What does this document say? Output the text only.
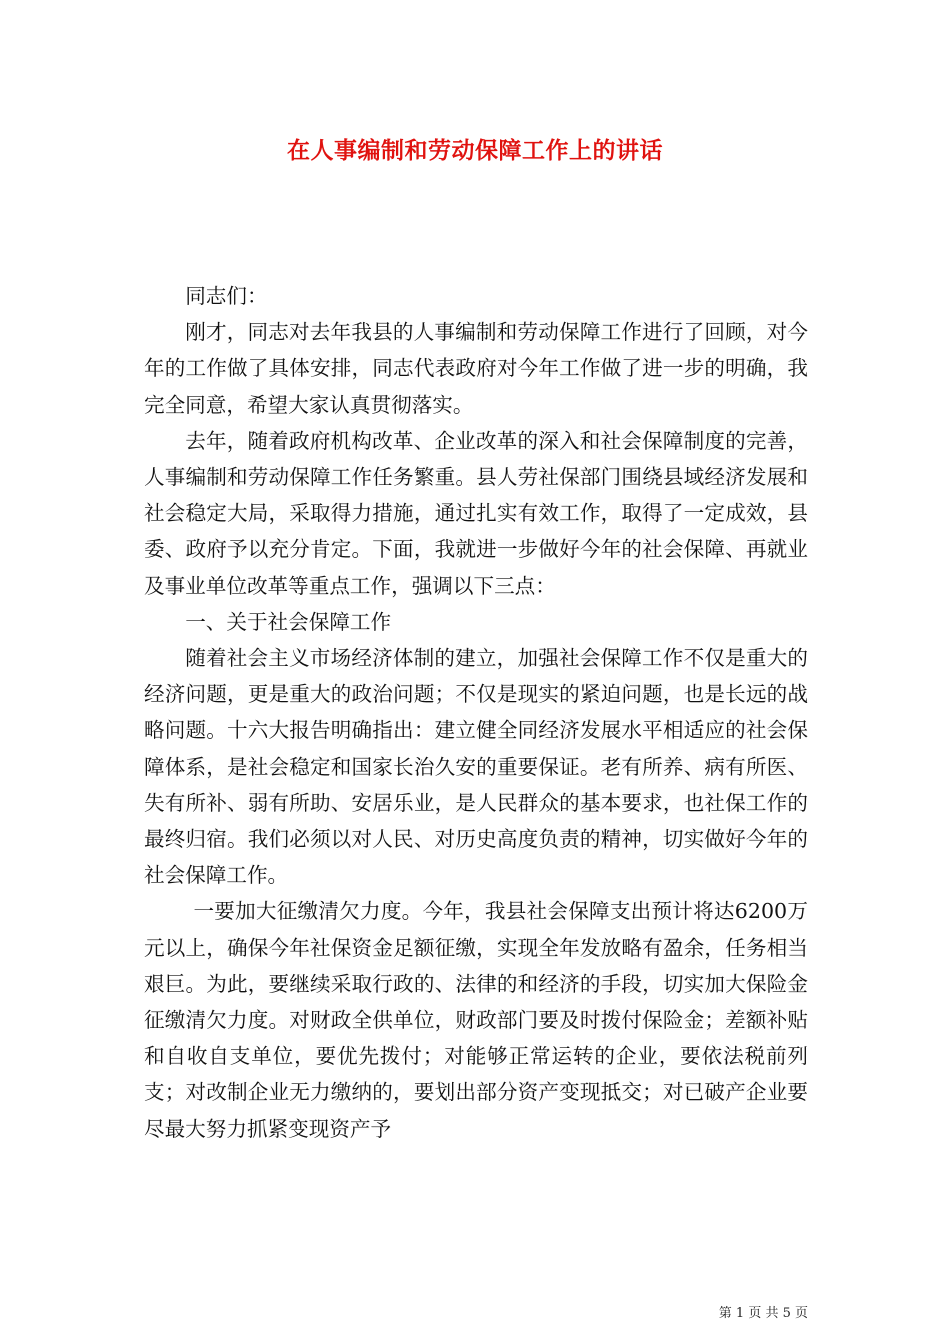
在人事编制和劳动保障工作上的讲话

同志们：

刚才，同志对去年我县的人事编制和劳动保障工作进行了回顾，对今年的工作做了具体安排，同志代表政府对今年工作做了进一步的明确，我完全同意，希望大家认真贯彻落实。

去年，随着政府机构改革、企业改革的深入和社会保障制度的完善，人事编制和劳动保障工作任务繁重。县人劳社保部门围绕县域经济发展和社会稳定大局，采取得力措施，通过扎实有效工作，取得了一定成效，县委、政府予以充分肯定。下面，我就进一步做好今年的社会保障、再就业及事业单位改革等重点工作，强调以下三点：

一、关于社会保障工作

随着社会主义市场经济体制的建立，加强社会保障工作不仅是重大的经济问题，更是重大的政治问题；不仅是现实的紧迫问题，也是长远的战略问题。十六大报告明确指出：建立健全同经济发展水平相适应的社会保障体系，是社会稳定和国家长治久安的重要保证。老有所养、病有所医、失有所补、弱有所助、安居乐业，是人民群众的基本要求，也社保工作的最终归宿。我们必须以对人民、对历史高度负责的精神，切实做好今年的社会保障工作。

一要加大征缴清欠力度。今年，我县社会保障支出预计将达6200万元以上，确保今年社保资金足额征缴，实现全年发放略有盈余，任务相当艰巨。为此，要继续采取行政的、法律的和经济的手段，切实加大保险金征缴清欠力度。对财政全供单位，财政部门要及时拨付保险金；差额补贴和自收自支单位，要优先拨付；对能够正常运转的企业，要依法税前列支；对改制企业无力缴纳的，要划出部分资产变现抵交；对已破产企业要尽最大努力抓紧变现资产予

第 1 页 共 5 页
